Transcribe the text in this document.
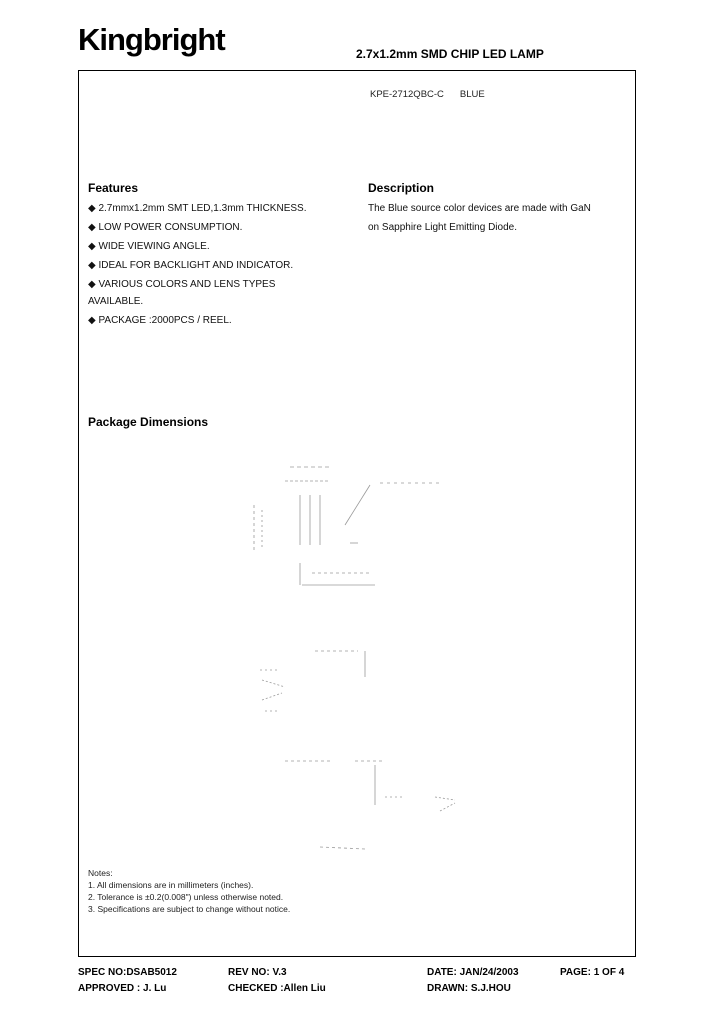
Kingbright	2.7x1.2mm SMD CHIP LED LAMP
KPE-2712QBC-C BLUE
Features
◆ 2.7mmx1.2mm SMT LED,1.3mm THICKNESS.
◆ LOW POWER CONSUMPTION.
◆ WIDE VIEWING ANGLE.
◆ IDEAL FOR BACKLIGHT AND INDICATOR.
◆ VARIOUS COLORS AND LENS TYPES
AVAILABLE.
◆ PACKAGE :2000PCS / REEL.
Description
The Blue source color devices are made with GaN
on Sapphire Light Emitting Diode.
Package Dimensions
Notes:
1. All dimensions are in millimeters (inches).
2. Tolerance is ±0.2(0.008") unless otherwise noted.
3. Specifications are subject to change without notice.
SPEC NO:DSAB5012	REV NO: V.3	DATE: JAN/24/2003	PAGE: 1 OF 4
APPROVED : J. Lu	CHECKED :Allen Liu	DRAWN: S.J.HOU
